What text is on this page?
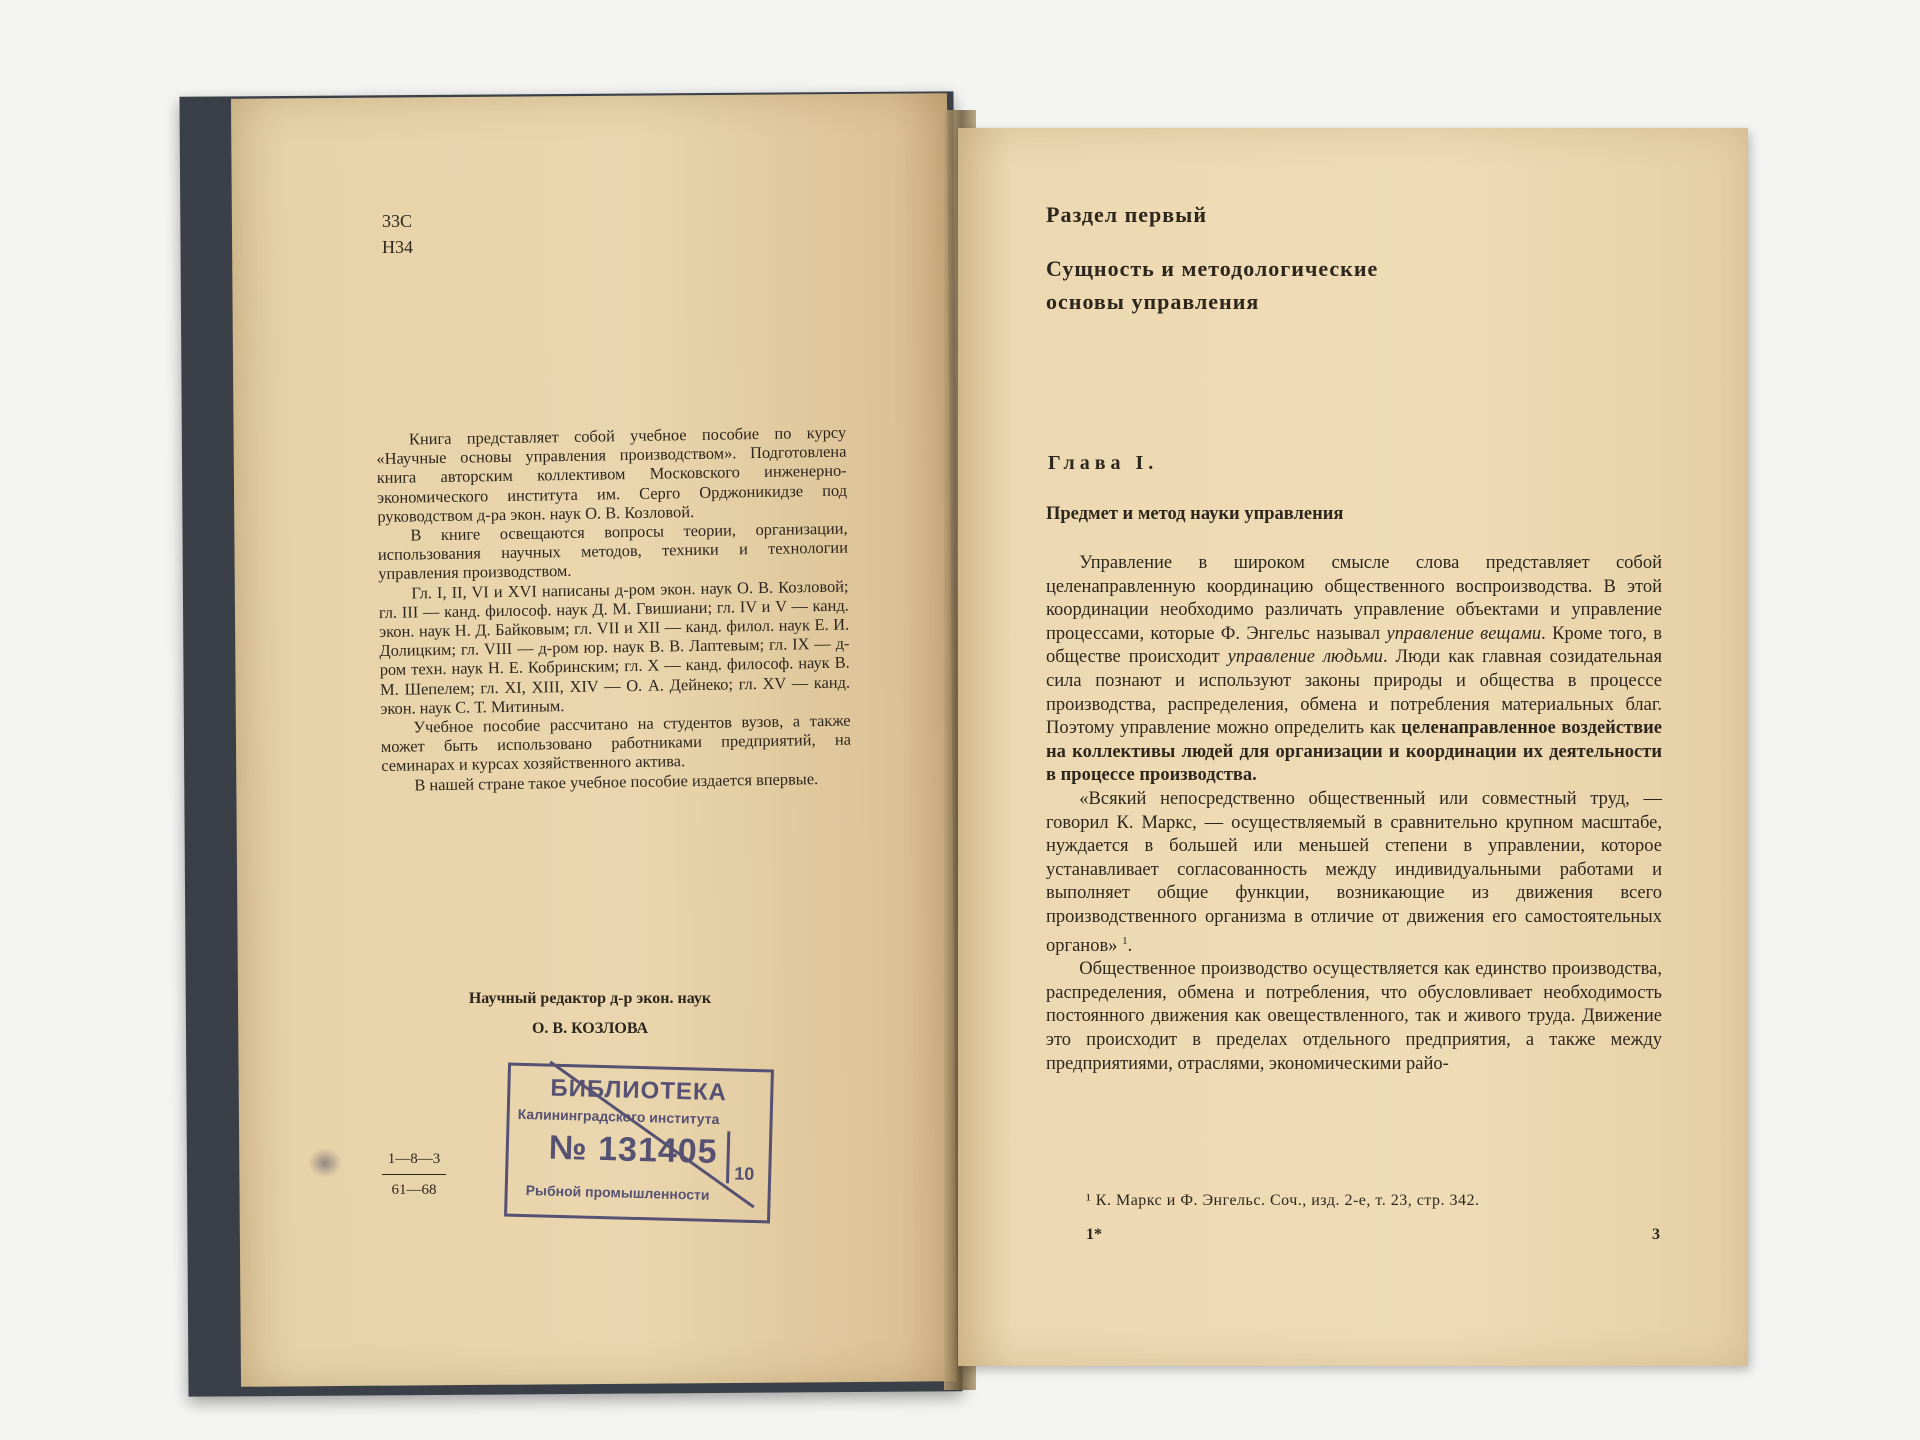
33С
Н34

Книга представляет собой учебное пособие по курсу «Научные основы управления производством». Подготовлена книга авторским коллективом Московского инженерно-экономического института им. Серго Орджоникидзе под руководством д-ра экон. наук О. В. Козловой.

В книге освещаются вопросы теории, организации, использования научных методов, техники и технологии управления производством.

Гл. I, II, VI и XVI написаны д-ром экон. наук О. В. Козловой; гл. III — канд. философ. наук Д. М. Гвишиани; гл. IV и V — канд. экон. наук Н. Д. Байковым; гл. VII и XII — канд. филол. наук Е. И. Долицким; гл. VIII — д-ром юр. наук В. В. Лаптевым; гл. IX — д-ром техн. наук Н. Е. Кобринским; гл. X — канд. философ. наук В. М. Шепелем; гл. XI, XIII, XIV — О. А. Дейнеко; гл. XV — канд. экон. наук С. Т. Митиным.

Учебное пособие рассчитано на студентов вузов, а также может быть использовано работниками предприятий, на семинарах и курсах хозяйственного актива.

В нашей стране такое учебное пособие издается впервые.

Научный редактор д-р экон. наук
О. В. КОЗЛОВА
1—8—3
61—68
БИБЛИОТЕКА
Калининградского института
№ 131405
10
Рыбной промышленности
Раздел первый
Сущность и методологические
основы управления
Глава I.
Предмет и метод науки управления

Управление в широком смысле слова представляет собой целенаправленную координацию общественного воспроизводства. В этой координации необходимо различать управление объектами и управление процессами, которые Ф. Энгельс называл управление вещами. Кроме того, в обществе происходит управление людьми. Люди как главная созидательная сила познают и используют законы природы и общества в процессе производства, распределения, обмена и потребления материальных благ. Поэтому управление можно определить как целенаправленное воздействие на коллективы людей для организации и координации их деятельности в процессе производства.

«Всякий непосредственно общественный или совместный труд, — говорил К. Маркс, — осуществляемый в сравнительно крупном масштабе, нуждается в большей или меньшей степени в управлении, которое устанавливает согласованность между индивидуальными работами и выполняет общие функции, возникающие из движения всего производственного организма в отличие от движения его самостоятельных органов» $^1$.

Общественное производство осуществляется как единство производства, распределения, обмена и потребления, что обусловливает необходимость постоянного движения как овеществленного, так и живого труда. Движение это происходит в пределах отдельного предприятия, а также между предприятиями, отраслями, экономическими райо-

¹ К. Маркс и Ф. Энгельс. Соч., изд. 2-е, т. 23, стр. 342.
1*	3
